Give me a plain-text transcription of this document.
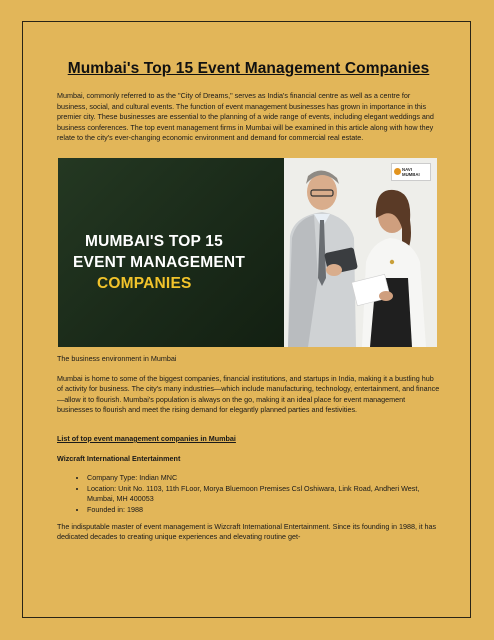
Mumbai's Top 15 Event Management Companies

Mumbai, commonly referred to as the "City of Dreams," serves as India's financial centre as well as a centre for business, social, and cultural events. The function of event management businesses has grown in importance in this premier city. These businesses are essential to the planning of a wide range of events, including elegant weddings and business conferences. The top event management firms in Mumbai will be examined in this article along with how they relate to the city's ever-changing economic environment and demand for commercial real estate.

MUMBAI'S TOP 15
EVENT MANAGEMENT
COMPANIES
NAVI MUMBAI

The business environment in Mumbai

Mumbai is home to some of the biggest companies, financial institutions, and startups in India, making it a bustling hub of activity for business. The city's many industries—which include manufacturing, technology, entertainment, and finance—allow it to flourish. Mumbai's population is always on the go, making it an ideal place for event management businesses to flourish and meet the rising demand for elegantly planned parties and festivities.

List of top event management companies in Mumbai

Wizcraft International Entertainment

• Company Type: Indian MNC
• Location: Unit No. 1103, 11th FLoor, Morya Bluemoon Premises Csl Oshiwara, Link Road, Andheri West, Mumbai, MH 400053
• Founded in: 1988

The indisputable master of event management is Wizcraft International Entertainment. Since its founding in 1988, it has dedicated decades to creating unique experiences and elevating routine get-
